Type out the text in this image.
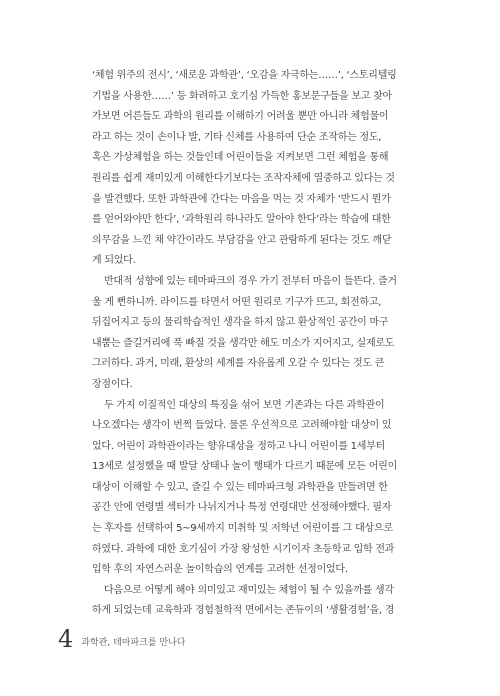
‘체험 위주의 전시’, ‘새로운 과학관’, ‘오감을 자극하는……’, ‘스토리텔링
기법을 사용한……’ 등 화려하고 호기심 가득한 홍보문구들을 보고 찾아
가보면 어른들도 과학의 원리를 이해하기 어려울 뿐만 아니라 체험물이
라고 하는 것이 손이나 발, 기타 신체를 사용하여 단순 조작하는 정도,
혹은 가상체험을 하는 것들인데 어린이들을 지켜보면 그런 체험을 통해
원리를 쉽게 재미있게 이해한다기보다는 조작자체에 열중하고 있다는 것
을 발견했다. 또한 과학관에 간다는 마음을 먹는 것 자체가 ‘반드시 뭔가
를 얻어와야만 한다’, ‘과학원리 하나라도 알아야 한다’라는 학습에 대한
의무감을 느낀 채 약간이라도 부담감을 안고 관람하게 된다는 것도 깨닫
게 되었다.

반대적 성향에 있는 테마파크의 경우 가기 전부터 마음이 들뜬다. 즐거
울 게 뻔하니까. 라이드를 타면서 어떤 원리로 기구가 뜨고, 회전하고,
뒤집어지고 등의 물리학습적인 생각을 하지 않고 환상적인 공간이 마구
내뿜는 즐길거리에 푹 빠질 것을 생각만 해도 미소가 지어지고, 실제로도
그러하다. 과거, 미래, 환상의 세계를 자유롭게 오갈 수 있다는 것도 큰
장점이다.

두 가지 이질적인 대상의 특징을 섞어 보면 기존과는 다른 과학관이
나오겠다는 생각이 번쩍 들었다. 물론 우선적으로 고려해야할 대상이 있
었다. 어린이 과학관이라는 향유대상을 정하고 나니 어린이를 1세부터
13세로 설정했을 때 발달 상태나 놀이 행태가 다르기 때문에 모든 어린이
대상이 이해할 수 있고, 즐길 수 있는 테마파크형 과학관을 만들려면 한
공간 안에 연령별 섹터가 나뉘지거나 특정 연령대만 선정해야했다. 필자
는 후자를 선택하여 5~9세까지 미취학 및 저학년 어린이를 그 대상으로
하였다. 과학에 대한 호기심이 가장 왕성한 시기이자 초등학교 입학 전과
입학 후의 자연스러운 놀이학습의 연계를 고려한 선정이었다.

다음으로 어떻게 해야 의미있고 재미있는 체험이 될 수 있을까를 생각
하게 되었는데 교육학과 경험철학적 면에서는 존듀이의 ‘생활경험’을, 경

4 과학관, 테마파크를 만나다
